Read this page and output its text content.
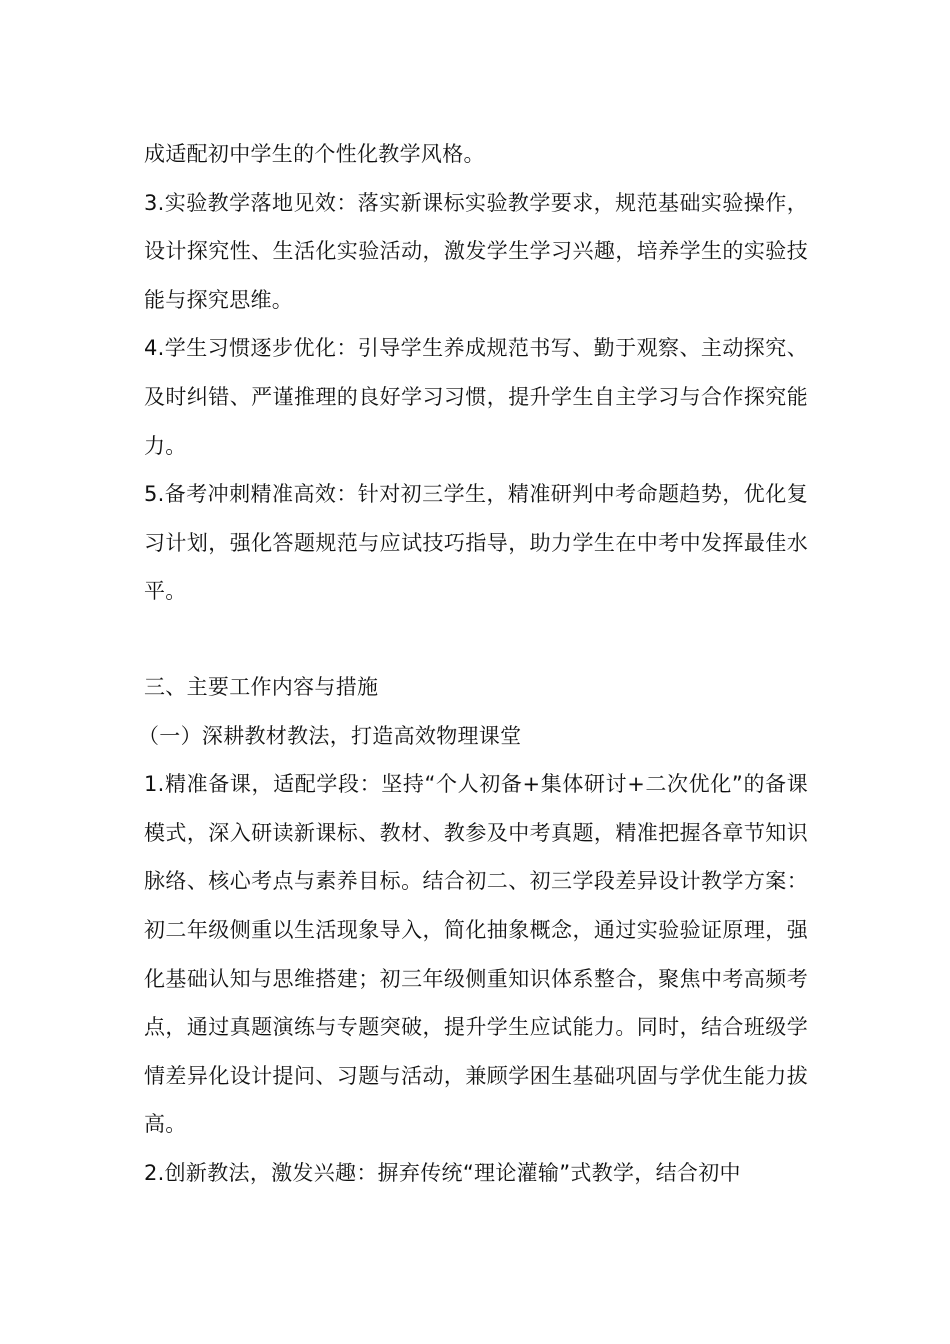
成适配初中学生的个性化教学风格。

3.实验教学落地见效：落实新课标实验教学要求，规范基础实验操作，设计探究性、生活化实验活动，激发学生学习兴趣，培养学生的实验技能与探究思维。

4.学生习惯逐步优化：引导学生养成规范书写、勤于观察、主动探究、及时纠错、严谨推理的良好学习习惯，提升学生自主学习与合作探究能力。

5.备考冲刺精准高效：针对初三学生，精准研判中考命题趋势，优化复习计划，强化答题规范与应试技巧指导，助力学生在中考中发挥最佳水平。

三、主要工作内容与措施

（一）深耕教材教法，打造高效物理课堂

1.精准备课，适配学段：坚持“个人初备+集体研讨+二次优化”的备课模式，深入研读新课标、教材、教参及中考真题，精准把握各章节知识脉络、核心考点与素养目标。结合初二、初三学段差异设计教学方案：初二年级侧重以生活现象导入，简化抽象概念，通过实验验证原理，强化基础认知与思维搭建；初三年级侧重知识体系整合，聚焦中考高频考点，通过真题演练与专题突破，提升学生应试能力。同时，结合班级学情差异化设计提问、习题与活动，兼顾学困生基础巩固与学优生能力拔高。

2.创新教法，激发兴趣：摒弃传统“理论灌输”式教学，结合初中
